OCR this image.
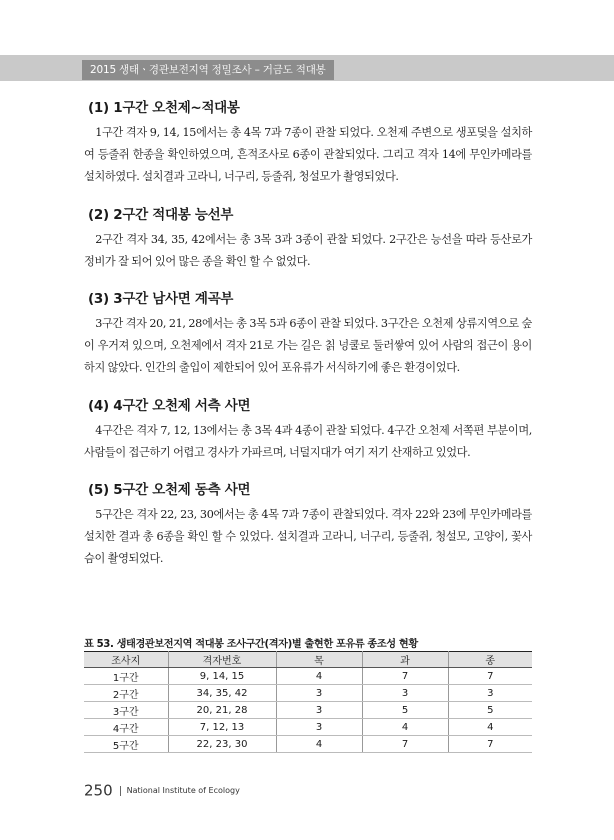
2015 생태ㆍ경관보전지역 정밀조사 – 거금도 적대봉
(1) 1구간 오천제~적대봉

1구간 격자 9, 14, 15에서는 총 4목 7과 7종이 관찰 되었다. 오천제 주변으로 생포덫을 설치하여 등줄쥐 한종을 확인하였으며, 흔적조사로 6종이 관찰되었다. 그리고 격자 14에 무인카메라를 설치하였다. 설치결과 고라니, 너구리, 등줄쥐, 청설모가 촬영되었다.

(2) 2구간 적대봉 능선부

2구간 격자 34, 35, 42에서는 총 3목 3과 3종이 관찰 되었다. 2구간은 능선을 따라 등산로가 정비가 잘 되어 있어 많은 종을 확인 할 수 없었다.

(3) 3구간 남사면 계곡부

3구간 격자 20, 21, 28에서는 총 3목 5과 6종이 관찰 되었다. 3구간은 오천제 상류지역으로 숲이 우거져 있으며, 오천제에서 격자 21로 가는 길은 칡 넝쿨로 둘러쌓여 있어 사람의 접근이 용이 하지 않았다. 인간의 출입이 제한되어 있어 포유류가 서식하기에 좋은 환경이었다.

(4) 4구간 오천제 서측 사면

4구간은 격자 7, 12, 13에서는 총 3목 4과 4종이 관찰 되었다. 4구간 오천제 서쪽편 부분이며, 사람들이 접근하기 어렵고 경사가 가파르며, 너덜지대가 여기 저기 산재하고 있었다.

(5) 5구간 오천제 동측 사면

5구간은 격자 22, 23, 30에서는 총 4목 7과 7종이 관찰되었다. 격자 22와 23에 무인카메라를 설치한 결과 총 6종을 확인 할 수 있었다. 설치결과 고라니, 너구리, 등줄쥐, 청설모, 고양이, 꽃사슴이 촬영되었다.

표 53. 생태경관보전지역 적대봉 조사구간(격자)별 출현한 포유류 종조성 현황
조사지	격자번호	목	과	종
1구간	9, 14, 15	4	7	7
2구간	34, 35, 42	3	3	3
3구간	20, 21, 28	3	5	5
4구간	7, 12, 13	3	4	4
5구간	22, 23, 30	4	7	7
250 National Institute of Ecology
